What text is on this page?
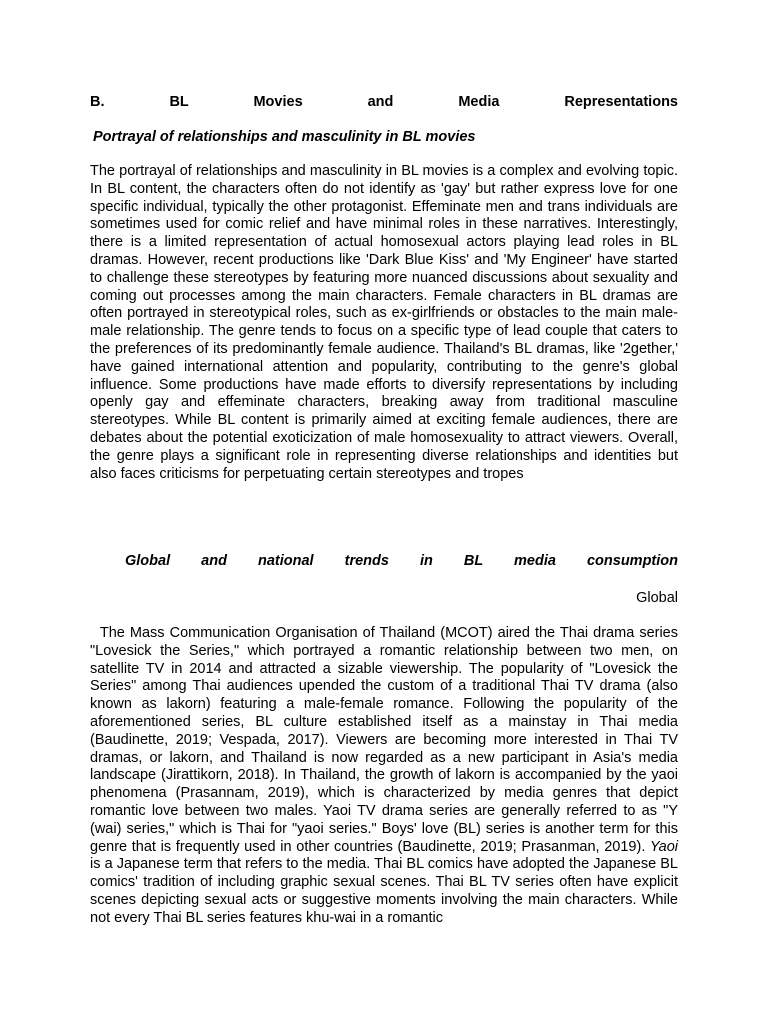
B. BL Movies and Media Representations

Portrayal of relationships and masculinity in BL movies

The portrayal of relationships and masculinity in BL movies is a complex and evolving topic. In BL content, the characters often do not identify as 'gay' but rather express love for one specific individual, typically the other protagonist. Effeminate men and trans individuals are sometimes used for comic relief and have minimal roles in these narratives. Interestingly, there is a limited representation of actual homosexual actors playing lead roles in BL dramas. However, recent productions like 'Dark Blue Kiss' and 'My Engineer' have started to challenge these stereotypes by featuring more nuanced discussions about sexuality and coming out processes among the main characters. Female characters in BL dramas are often portrayed in stereotypical roles, such as ex-girlfriends or obstacles to the main male-male relationship. The genre tends to focus on a specific type of lead couple that caters to the preferences of its predominantly female audience. Thailand's BL dramas, like '2gether,' have gained international attention and popularity, contributing to the genre's global influence. Some productions have made efforts to diversify representations by including openly gay and effeminate characters, breaking away from traditional masculine stereotypes. While BL content is primarily aimed at exciting female audiences, there are debates about the potential exoticization of male homosexuality to attract viewers. Overall, the genre plays a significant role in representing diverse relationships and identities but also faces criticisms for perpetuating certain stereotypes and tropes

Global and national trends in BL media consumption

Global

The Mass Communication Organisation of Thailand (MCOT) aired the Thai drama series "Lovesick the Series," which portrayed a romantic relationship between two men, on satellite TV in 2014 and attracted a sizable viewership. The popularity of "Lovesick the Series" among Thai audiences upended the custom of a traditional Thai TV drama (also known as lakorn) featuring a male-female romance. Following the popularity of the aforementioned series, BL culture established itself as a mainstay in Thai media (Baudinette, 2019; Vespada, 2017). Viewers are becoming more interested in Thai TV dramas, or lakorn, and Thailand is now regarded as a new participant in Asia's media landscape (Jirattikorn, 2018). In Thailand, the growth of lakorn is accompanied by the yaoi phenomena (Prasannam, 2019), which is characterized by media genres that depict romantic love between two males. Yaoi TV drama series are generally referred to as "Y (wai) series," which is Thai for "yaoi series." Boys' love (BL) series is another term for this genre that is frequently used in other countries (Baudinette, 2019; Prasanman, 2019). Yaoi is a Japanese term that refers to the media. Thai BL comics have adopted the Japanese BL comics' tradition of including graphic sexual scenes. Thai BL TV series often have explicit scenes depicting sexual acts or suggestive moments involving the main characters. While not every Thai BL series features khu-wai in a romantic
